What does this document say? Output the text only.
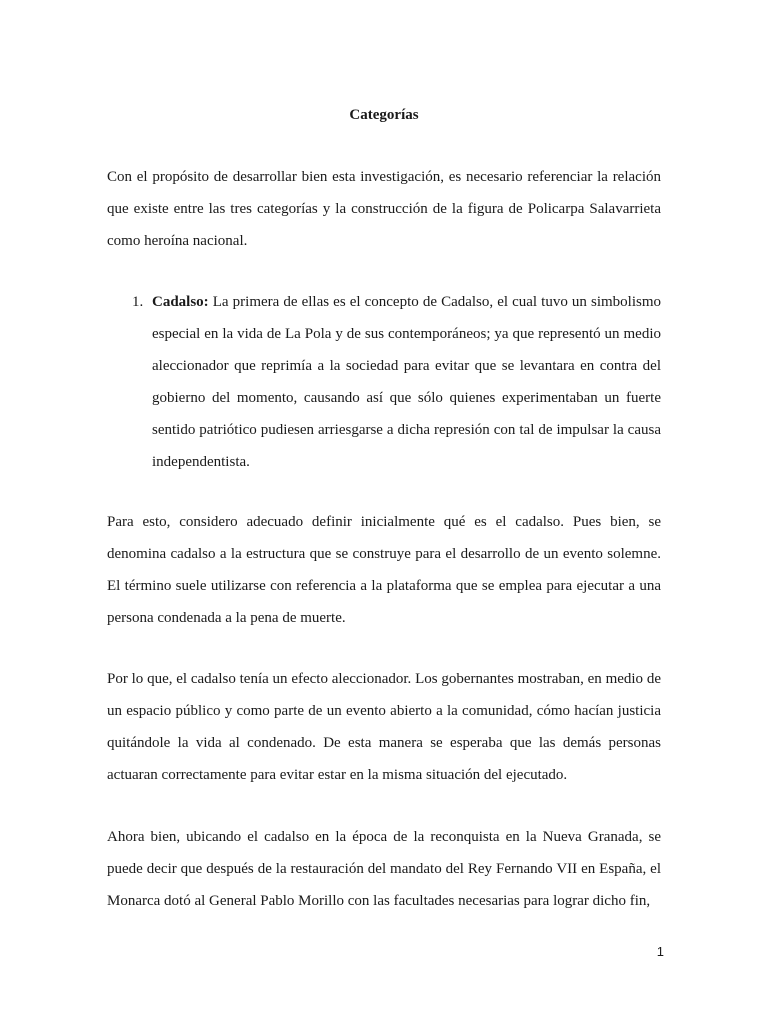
Categorías

Con el propósito de desarrollar bien esta investigación, es necesario referenciar la relación que existe entre las tres categorías y la construcción de la figura de Policarpa Salavarrieta como heroína nacional.

1. Cadalso: La primera de ellas es el concepto de Cadalso, el cual tuvo un simbolismo especial en la vida de La Pola y de sus contemporáneos; ya que representó un medio aleccionador que reprimía a la sociedad para evitar que se levantara en contra del gobierno del momento, causando así que sólo quienes experimentaban un fuerte sentido patriótico pudiesen arriesgarse a dicha represión con tal de impulsar la causa independentista.

Para esto, considero adecuado definir inicialmente qué es el cadalso. Pues bien, se denomina cadalso a la estructura que se construye para el desarrollo de un evento solemne. El término suele utilizarse con referencia a la plataforma que se emplea para ejecutar a una persona condenada a la pena de muerte.

Por lo que, el cadalso tenía un efecto aleccionador. Los gobernantes mostraban, en medio de un espacio público y como parte de un evento abierto a la comunidad, cómo hacían justicia quitándole la vida al condenado. De esta manera se esperaba que las demás personas actuaran correctamente para evitar estar en la misma situación del ejecutado.

Ahora bien, ubicando el cadalso en la época de la reconquista en la Nueva Granada, se puede decir que después de la restauración del mandato del Rey Fernando VII en España, el Monarca dotó al General Pablo Morillo con las facultades necesarias para lograr dicho fin,

1
